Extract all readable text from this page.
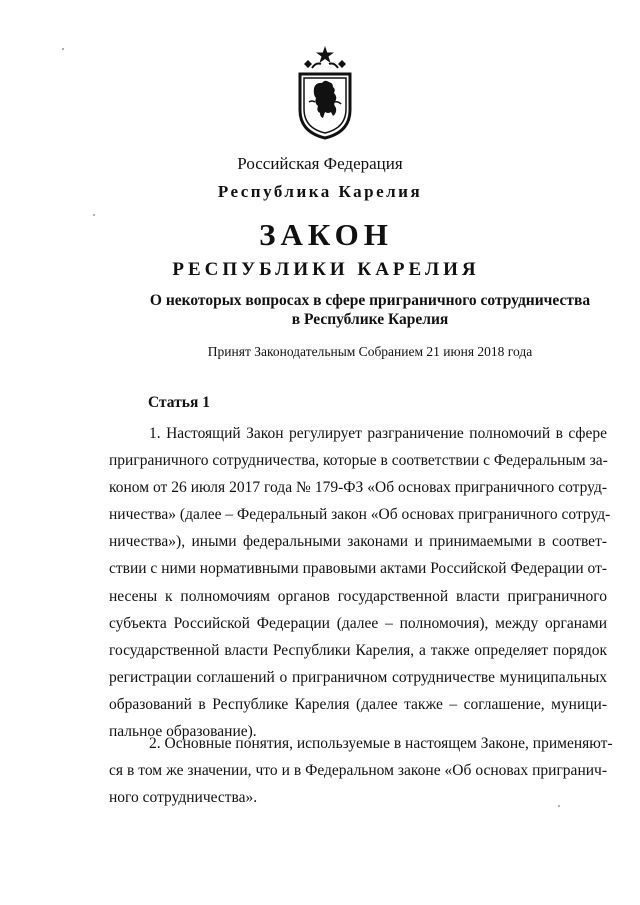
Российская Федерация
Республика Карелия
ЗАКОН
РЕСПУБЛИКИ КАРЕЛИЯ
О некоторых вопросах в сфере приграничного сотрудничества
в Республике Карелия
Принят Законодательным Собранием 21 июня 2018 года
Статья 1
1. Настоящий Закон регулирует разграничение полномочий в сфере
приграничного сотрудничества, которые в соответствии с Федеральным за-
коном от 26 июля 2017 года № 179-ФЗ «Об основах приграничного сотруд-
ничества» (далее – Федеральный закон «Об основах приграничного сотруд-
ничества»), иными федеральными законами и принимаемыми в соответ-
ствии с ними нормативными правовыми актами Российской Федерации от-
несены к полномочиям органов государственной власти приграничного
субъекта Российской Федерации (далее – полномочия), между органами
государственной власти Республики Карелия, а также определяет порядок
регистрации соглашений о приграничном сотрудничестве муниципальных
образований в Республике Карелия (далее также – соглашение, муници-
пальное образование).
2. Основные понятия, используемые в настоящем Законе, применяют-
ся в том же значении, что и в Федеральном законе «Об основах пригранич-
ного сотрудничества».
